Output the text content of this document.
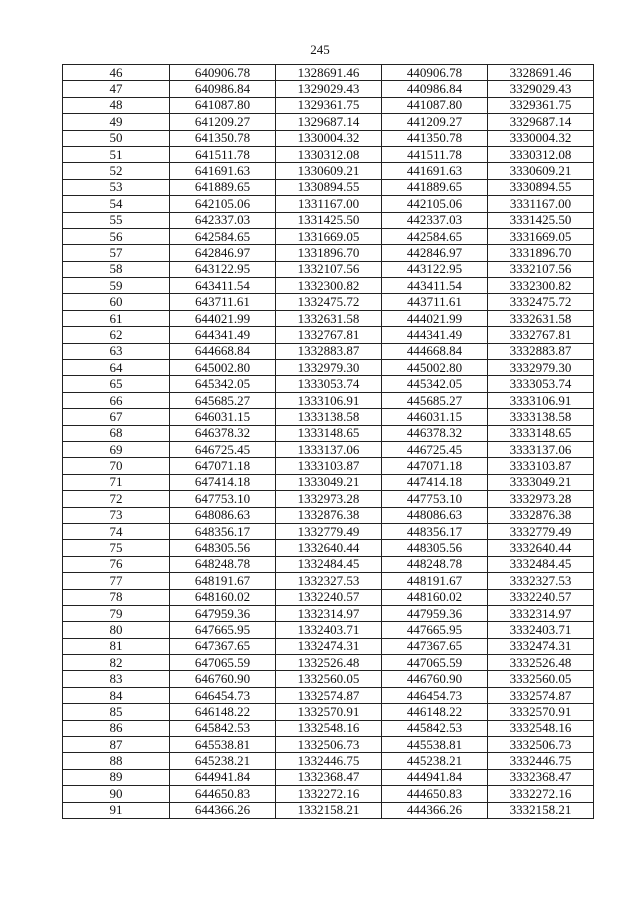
245
46	640906.78	1328691.46	440906.78	3328691.46
47	640986.84	1329029.43	440986.84	3329029.43
48	641087.80	1329361.75	441087.80	3329361.75
49	641209.27	1329687.14	441209.27	3329687.14
50	641350.78	1330004.32	441350.78	3330004.32
51	641511.78	1330312.08	441511.78	3330312.08
52	641691.63	1330609.21	441691.63	3330609.21
53	641889.65	1330894.55	441889.65	3330894.55
54	642105.06	1331167.00	442105.06	3331167.00
55	642337.03	1331425.50	442337.03	3331425.50
56	642584.65	1331669.05	442584.65	3331669.05
57	642846.97	1331896.70	442846.97	3331896.70
58	643122.95	1332107.56	443122.95	3332107.56
59	643411.54	1332300.82	443411.54	3332300.82
60	643711.61	1332475.72	443711.61	3332475.72
61	644021.99	1332631.58	444021.99	3332631.58
62	644341.49	1332767.81	444341.49	3332767.81
63	644668.84	1332883.87	444668.84	3332883.87
64	645002.80	1332979.30	445002.80	3332979.30
65	645342.05	1333053.74	445342.05	3333053.74
66	645685.27	1333106.91	445685.27	3333106.91
67	646031.15	1333138.58	446031.15	3333138.58
68	646378.32	1333148.65	446378.32	3333148.65
69	646725.45	1333137.06	446725.45	3333137.06
70	647071.18	1333103.87	447071.18	3333103.87
71	647414.18	1333049.21	447414.18	3333049.21
72	647753.10	1332973.28	447753.10	3332973.28
73	648086.63	1332876.38	448086.63	3332876.38
74	648356.17	1332779.49	448356.17	3332779.49
75	648305.56	1332640.44	448305.56	3332640.44
76	648248.78	1332484.45	448248.78	3332484.45
77	648191.67	1332327.53	448191.67	3332327.53
78	648160.02	1332240.57	448160.02	3332240.57
79	647959.36	1332314.97	447959.36	3332314.97
80	647665.95	1332403.71	447665.95	3332403.71
81	647367.65	1332474.31	447367.65	3332474.31
82	647065.59	1332526.48	447065.59	3332526.48
83	646760.90	1332560.05	446760.90	3332560.05
84	646454.73	1332574.87	446454.73	3332574.87
85	646148.22	1332570.91	446148.22	3332570.91
86	645842.53	1332548.16	445842.53	3332548.16
87	645538.81	1332506.73	445538.81	3332506.73
88	645238.21	1332446.75	445238.21	3332446.75
89	644941.84	1332368.47	444941.84	3332368.47
90	644650.83	1332272.16	444650.83	3332272.16
91	644366.26	1332158.21	444366.26	3332158.21
